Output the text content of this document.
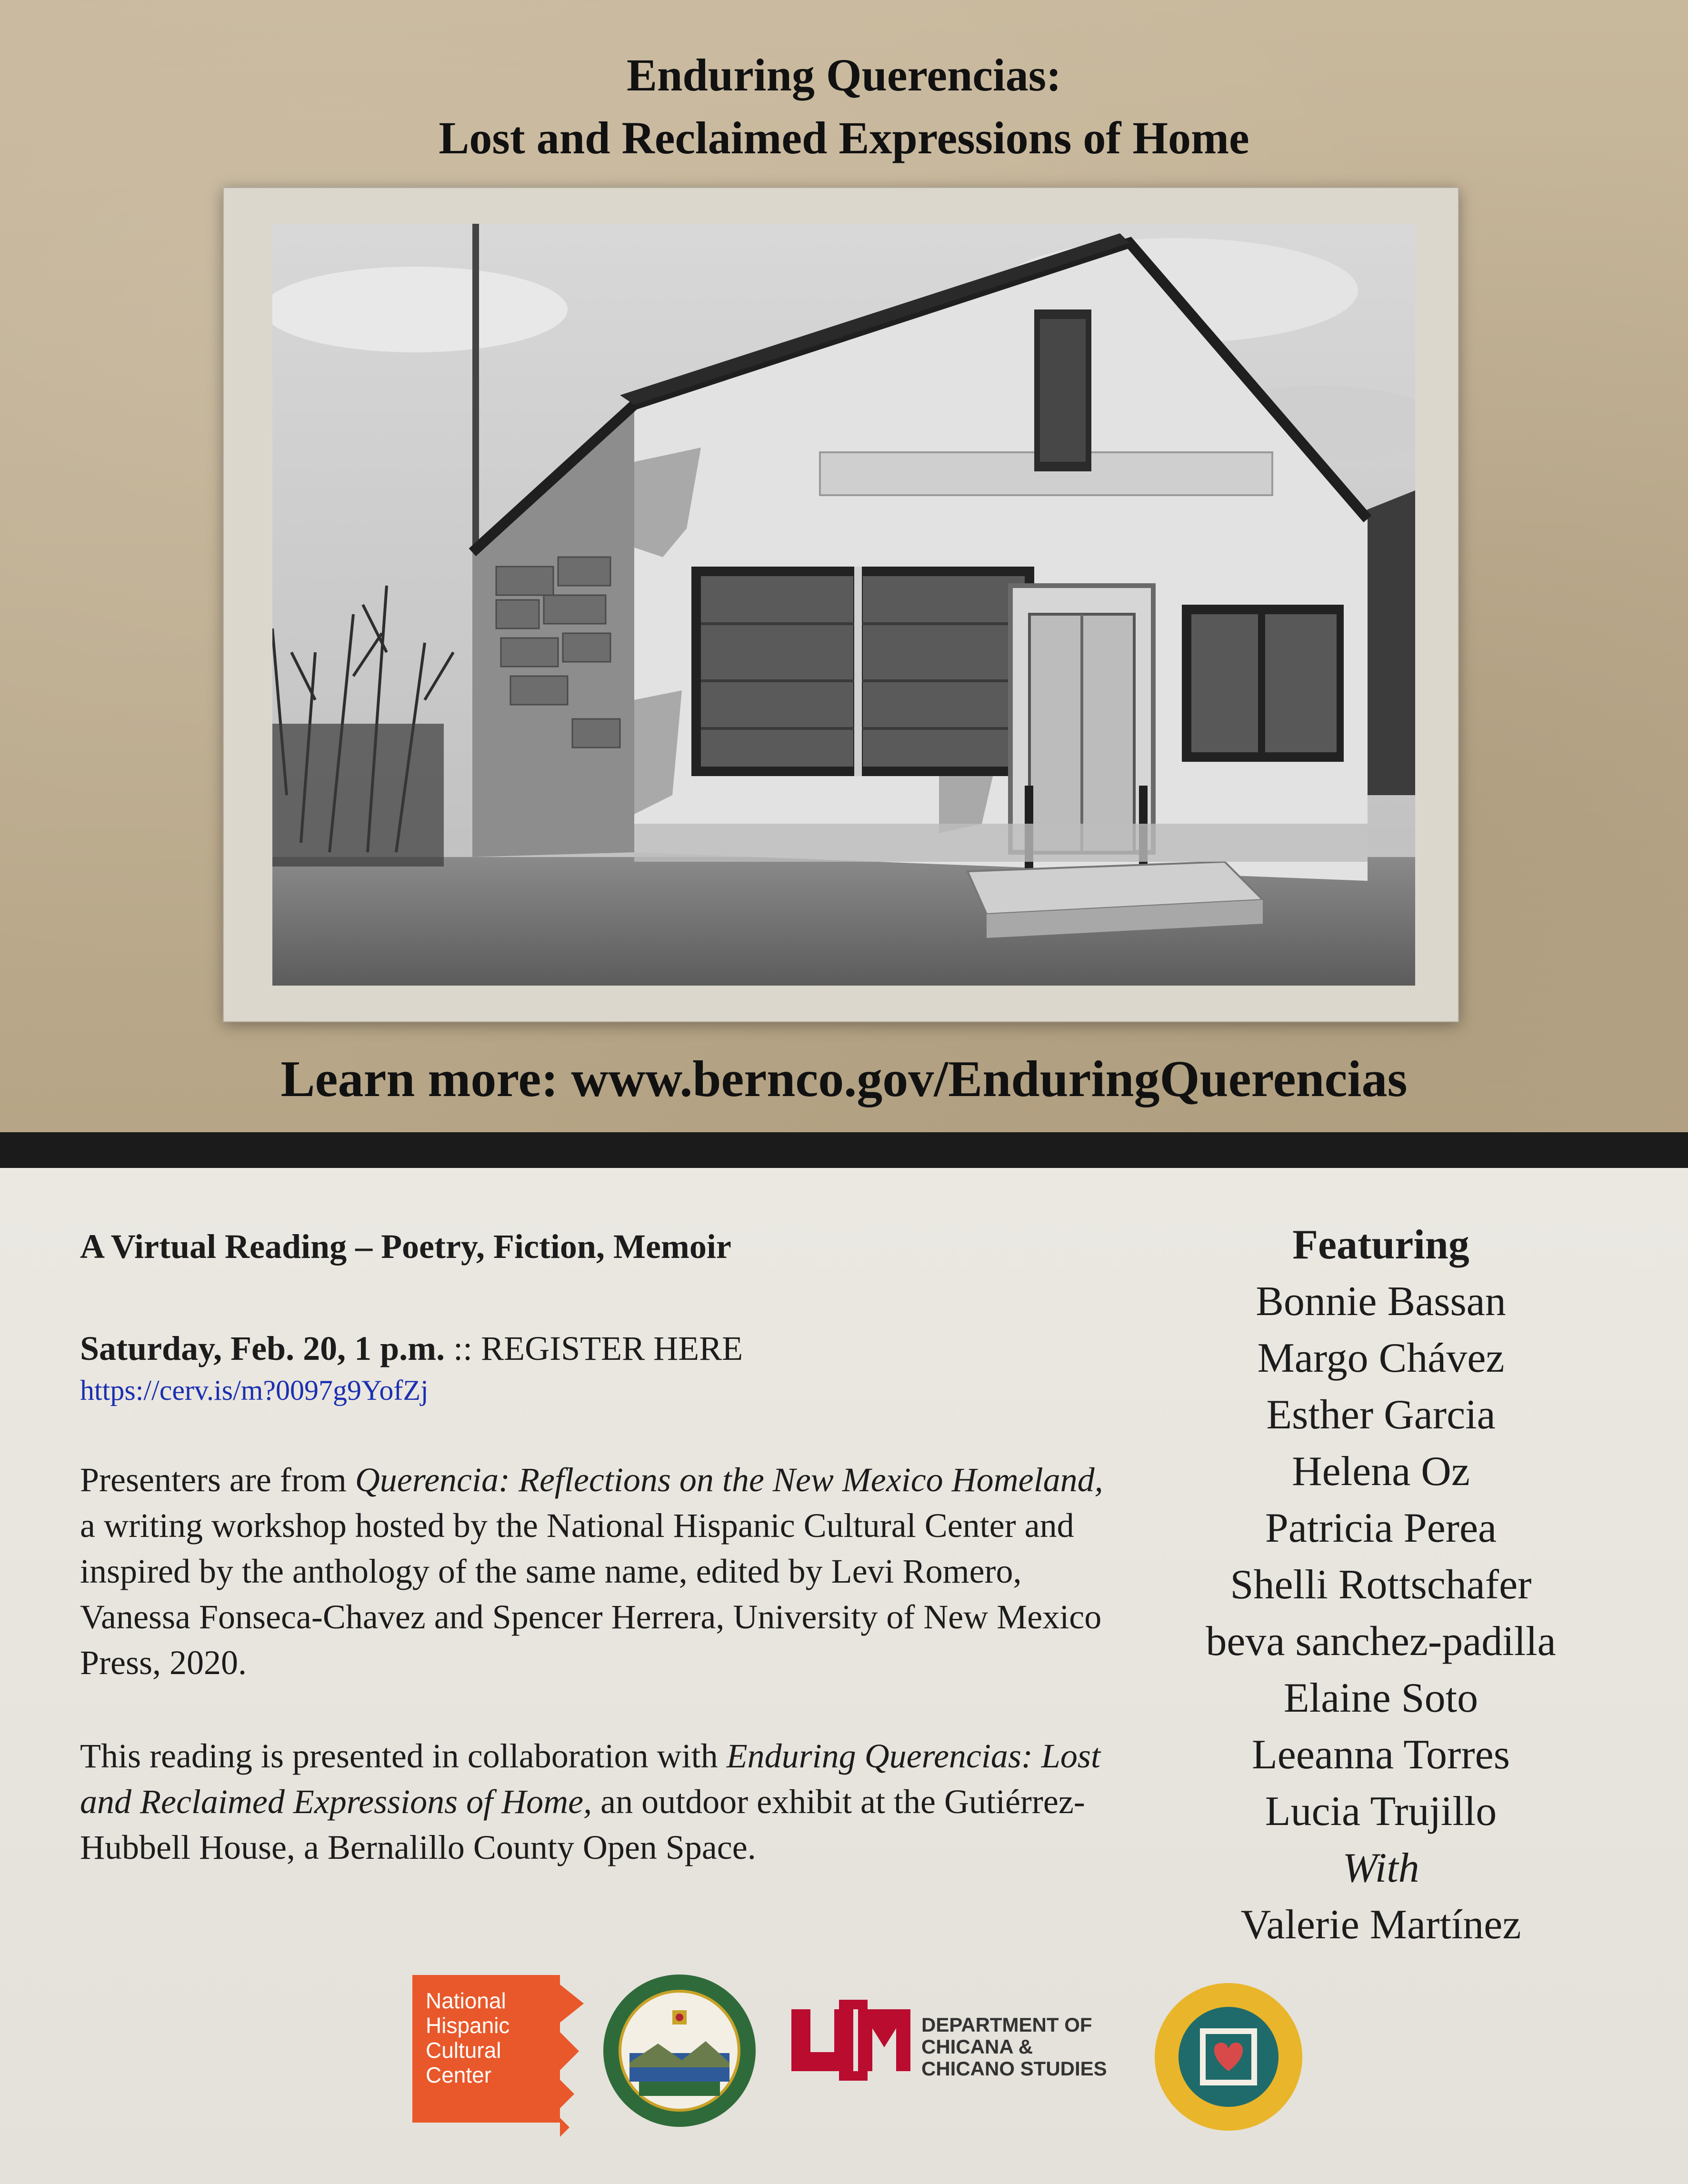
Enduring Querencias:
Lost and Reclaimed Expressions of Home
Learn more: www.bernco.gov/EnduringQuerencias
A Virtual Reading – Poetry, Fiction, Memoir
Saturday, Feb. 20, 1 p.m. :: REGISTER HERE
https://cerv.is/m?0097g9YofZj
Presenters are from Querencia: Reflections on the New Mexico Homeland, a writing workshop hosted by the National Hispanic Cultural Center and inspired by the anthology of the same name, edited by Levi Romero, Vanessa Fonseca-Chavez and Spencer Herrera, University of New Mexico Press, 2020.
This reading is presented in collaboration with Enduring Querencias: Lost and Reclaimed Expressions of Home, an outdoor exhibit at the Gutiérrez-Hubbell House, a Bernalillo County Open Space.
Featuring
Bonnie Bassan
Margo Chávez
Esther Garcia
Helena Oz
Patricia Perea
Shelli Rottschafer
beva sanchez-padilla
Elaine Soto
Leeanna Torres
Lucia Trujillo
With
Valerie Martínez
National
Hispanic
Cultural
Center
DEPARTMENT OF
CHICANA &
CHICANO STUDIES
